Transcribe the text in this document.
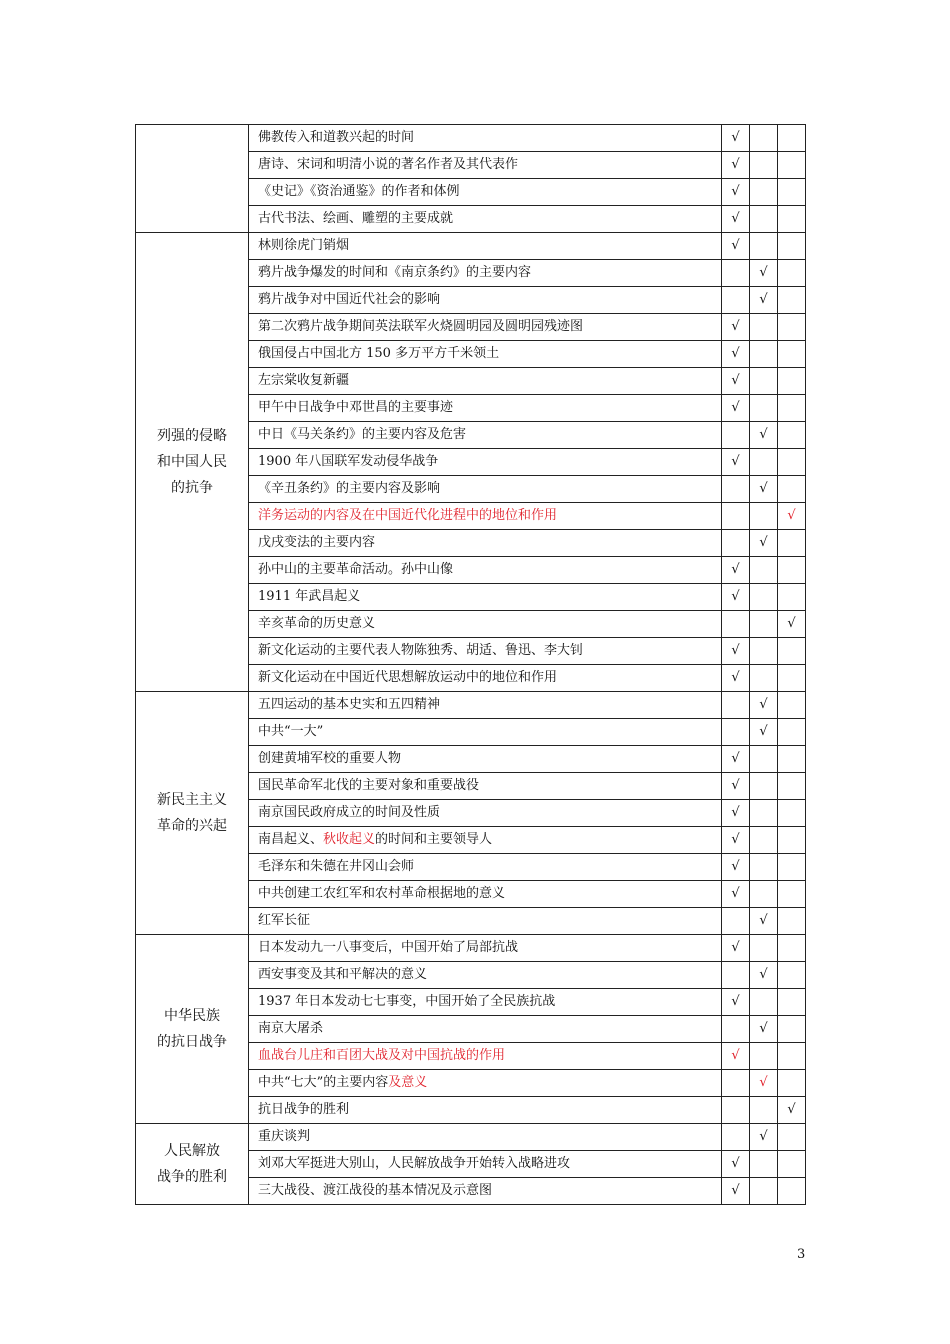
	佛教传入和道教兴起的时间	√		
	唐诗、宋词和明清小说的著名作者及其代表作	√		
	《史记》《资治通鉴》的作者和体例	√		
	古代书法、绘画、雕塑的主要成就	√		

列强的侵略
和中国人民
的抗争	林则徐虎门销烟	√		
	鸦片战争爆发的时间和《南京条约》的主要内容		√	
	鸦片战争对中国近代社会的影响		√	
	第二次鸦片战争期间英法联军火烧圆明园及圆明园残迹图	√		
	俄国侵占中国北方 150 多万平方千米领土	√		
	左宗棠收复新疆	√		
	甲午中日战争中邓世昌的主要事迹	√		
	中日《马关条约》的主要内容及危害		√	
	1900 年八国联军发动侵华战争	√		
	《辛丑条约》的主要内容及影响		√	
	洋务运动的内容及在中国近代化进程中的地位和作用			√
	戊戌变法的主要内容		√	
	孙中山的主要革命活动。孙中山像	√		
	1911 年武昌起义	√		
	辛亥革命的历史意义			√
	新文化运动的主要代表人物陈独秀、胡适、鲁迅、李大钊	√		
	新文化运动在中国近代思想解放运动中的地位和作用	√		

新民主主义
革命的兴起	五四运动的基本史实和五四精神		√	
	中共“一大”		√	
	创建黄埔军校的重要人物	√		
	国民革命军北伐的主要对象和重要战役	√		
	南京国民政府成立的时间及性质	√		
	南昌起义、秋收起义的时间和主要领导人	√		
	毛泽东和朱德在井冈山会师	√		
	中共创建工农红军和农村革命根据地的意义	√		
	红军长征		√	

中华民族
的抗日战争	日本发动九一八事变后，中国开始了局部抗战	√		
	西安事变及其和平解决的意义		√	
	1937 年日本发动七七事变，中国开始了全民族抗战	√		
	南京大屠杀		√	
	血战台儿庄和百团大战及对中国抗战的作用	√		
	中共“七大”的主要内容及意义		√	
	抗日战争的胜利			√

人民解放
战争的胜利	重庆谈判		√	
	刘邓大军挺进大别山，人民解放战争开始转入战略进攻	√		
	三大战役、渡江战役的基本情况及示意图	√		
3
